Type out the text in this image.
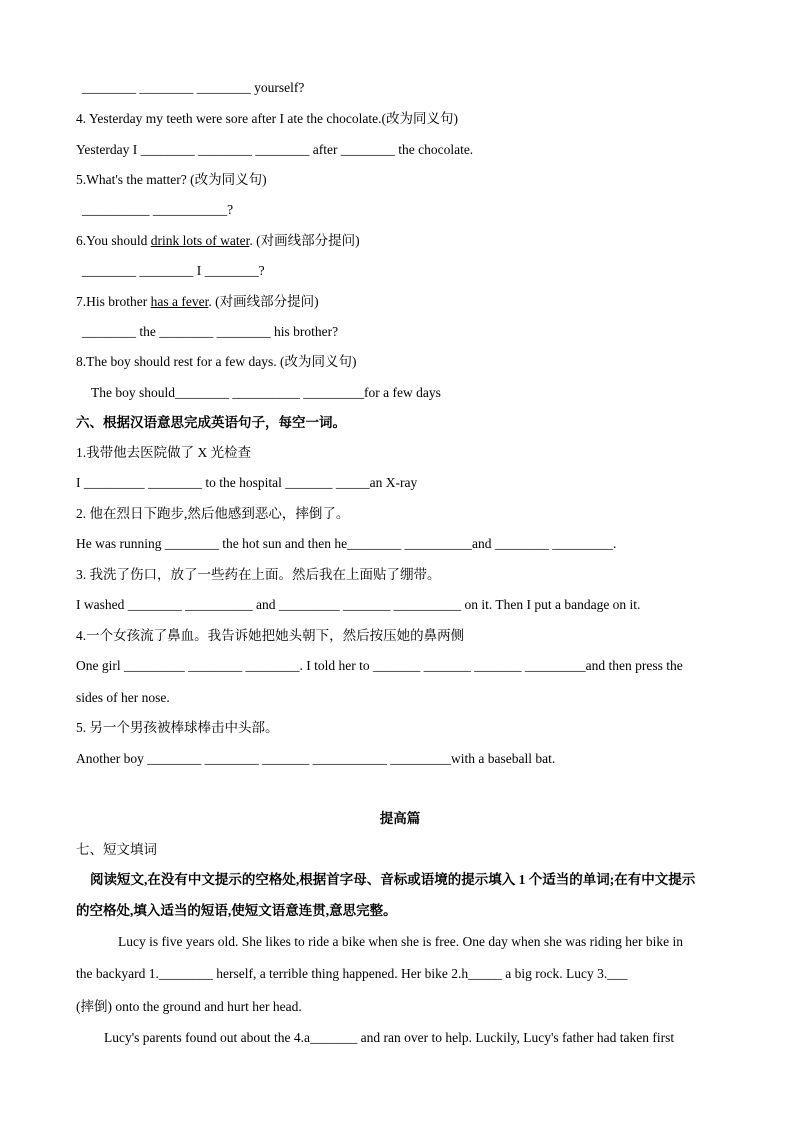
________ ________ ________ yourself?
4. Yesterday my teeth were sore after I ate the chocolate.(改为同义句)
Yesterday I ________ ________ ________ after ________ the chocolate.
5.What's the matter? (改为同义句)
__________ ___________?
6.You should drink lots of water. (对画线部分提问)
________ ________ I ________?
7.His brother has a fever. (对画线部分提问)
________ the ________ ________ his brother?
8.The boy should rest for a few days. (改为同义句)
The boy should________ __________ _________for a few days
六、根据汉语意思完成英语句子，每空一词。
1.我带他去医院做了 X 光检查
I _________ ________ to the hospital _______ _____an X-ray
2. 他在烈日下跑步,然后他感到恶心，摔倒了。
He was running ________ the hot sun and then he________ __________and ________ _________.
3. 我洗了伤口，放了一些药在上面。然后我在上面贴了绷带。
I washed ________ __________ and _________ _______ __________ on it. Then I put a bandage on it.
4.一个女孩流了鼻血。我告诉她把她头朝下，然后按压她的鼻两侧
One girl _________ ________ ________. I told her to _______ _______ _______ _________and then press the
sides of her nose.
5. 另一个男孩被棒球棒击中头部。
Another boy ________ ________ _______ ___________ _________with a baseball bat.
提高篇
七、短文填词
阅读短文,在没有中文提示的空格处,根据首字母、音标或语境的提示填入 1 个适当的单词;在有中文提示
的空格处,填入适当的短语,使短文语意连贯,意思完整。
Lucy is five years old. She likes to ride a bike when she is free. One day when she was riding her bike in
the backyard 1.________ herself, a terrible thing happened. Her bike 2.h_____ a big rock. Lucy 3.___
(摔倒) onto the ground and hurt her head.
Lucy's parents found out about the 4.a_______ and ran over to help. Luckily, Lucy's father had taken first
